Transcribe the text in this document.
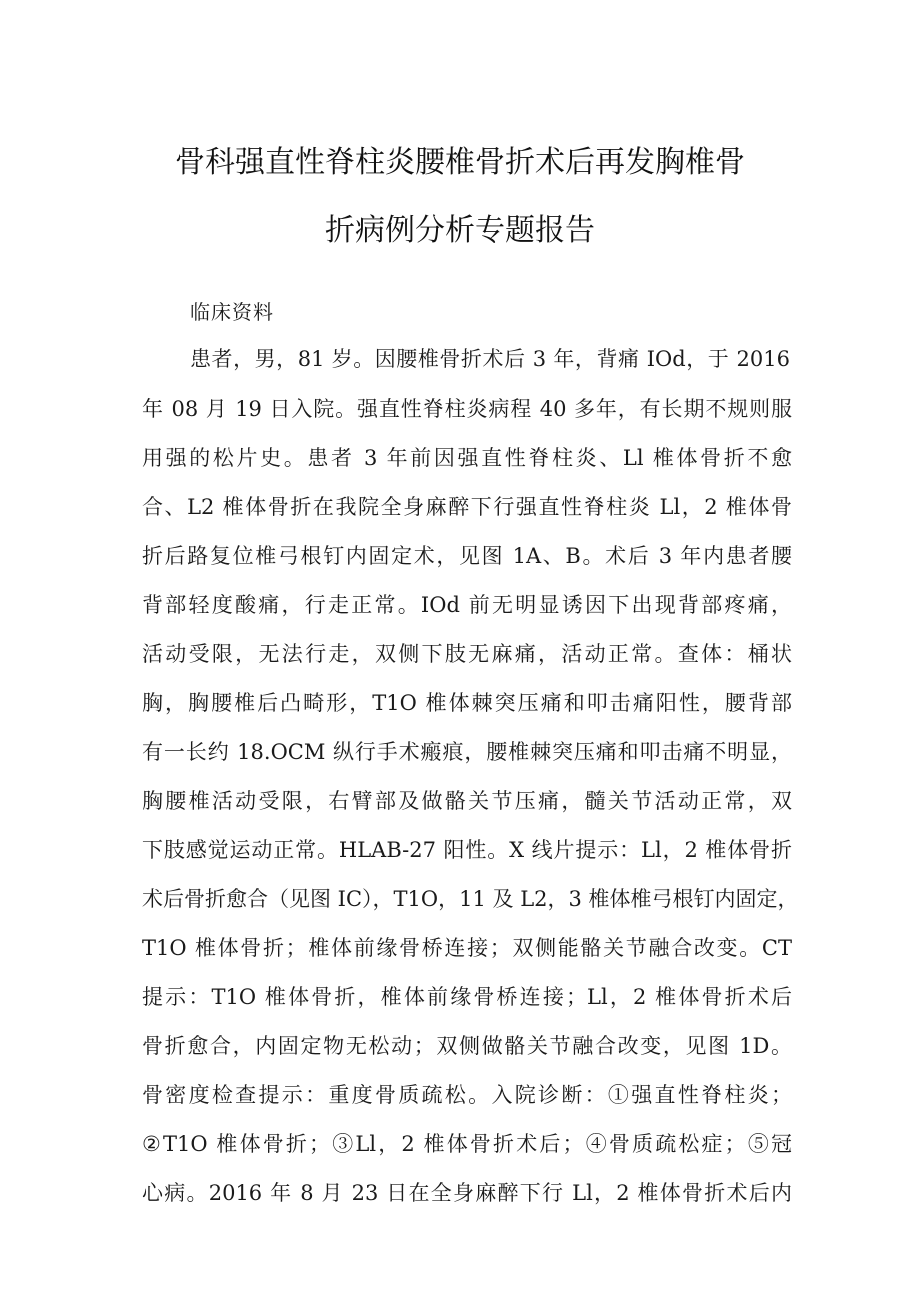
骨科强直性脊柱炎腰椎骨折术后再发胸椎骨
折病例分析专题报告
临床资料
患者，男，81 岁。因腰椎骨折术后 3 年，背痛 IOd，于 2016
年 08 月 19 日入院。强直性脊柱炎病程 40 多年，有长期不规则服
用强的松片史。患者 3 年前因强直性脊柱炎、Ll 椎体骨折不愈
合、L2 椎体骨折在我院全身麻醉下行强直性脊柱炎 Ll，2 椎体骨
折后路复位椎弓根钉内固定术，见图 1A、B。术后 3 年内患者腰
背部轻度酸痛，行走正常。IOd 前无明显诱因下出现背部疼痛，
活动受限，无法行走，双侧下肢无麻痛，活动正常。查体：桶状
胸，胸腰椎后凸畸形，T1O 椎体棘突压痛和叩击痛阳性，腰背部
有一长约 18.OCM 纵行手术瘢痕，腰椎棘突压痛和叩击痛不明显，
胸腰椎活动受限，右臂部及做骼关节压痛，髓关节活动正常，双
下肢感觉运动正常。HLAB-27 阳性。X 线片提示：Ll，2 椎体骨折
术后骨折愈合（见图 IC），T1O，11 及 L2，3 椎体椎弓根钉内固定，
T1O 椎体骨折；椎体前缘骨桥连接；双侧能骼关节融合改变。CT
提示：T1O 椎体骨折，椎体前缘骨桥连接；Ll，2 椎体骨折术后
骨折愈合，内固定物无松动；双侧做骼关节融合改变，见图 1D。
骨密度检查提示：重度骨质疏松。入院诊断：①强直性脊柱炎；
②T1O 椎体骨折；③Ll，2 椎体骨折术后；④骨质疏松症；⑤冠
心病。2016 年 8 月 23 日在全身麻醉下行 Ll，2 椎体骨折术后内
